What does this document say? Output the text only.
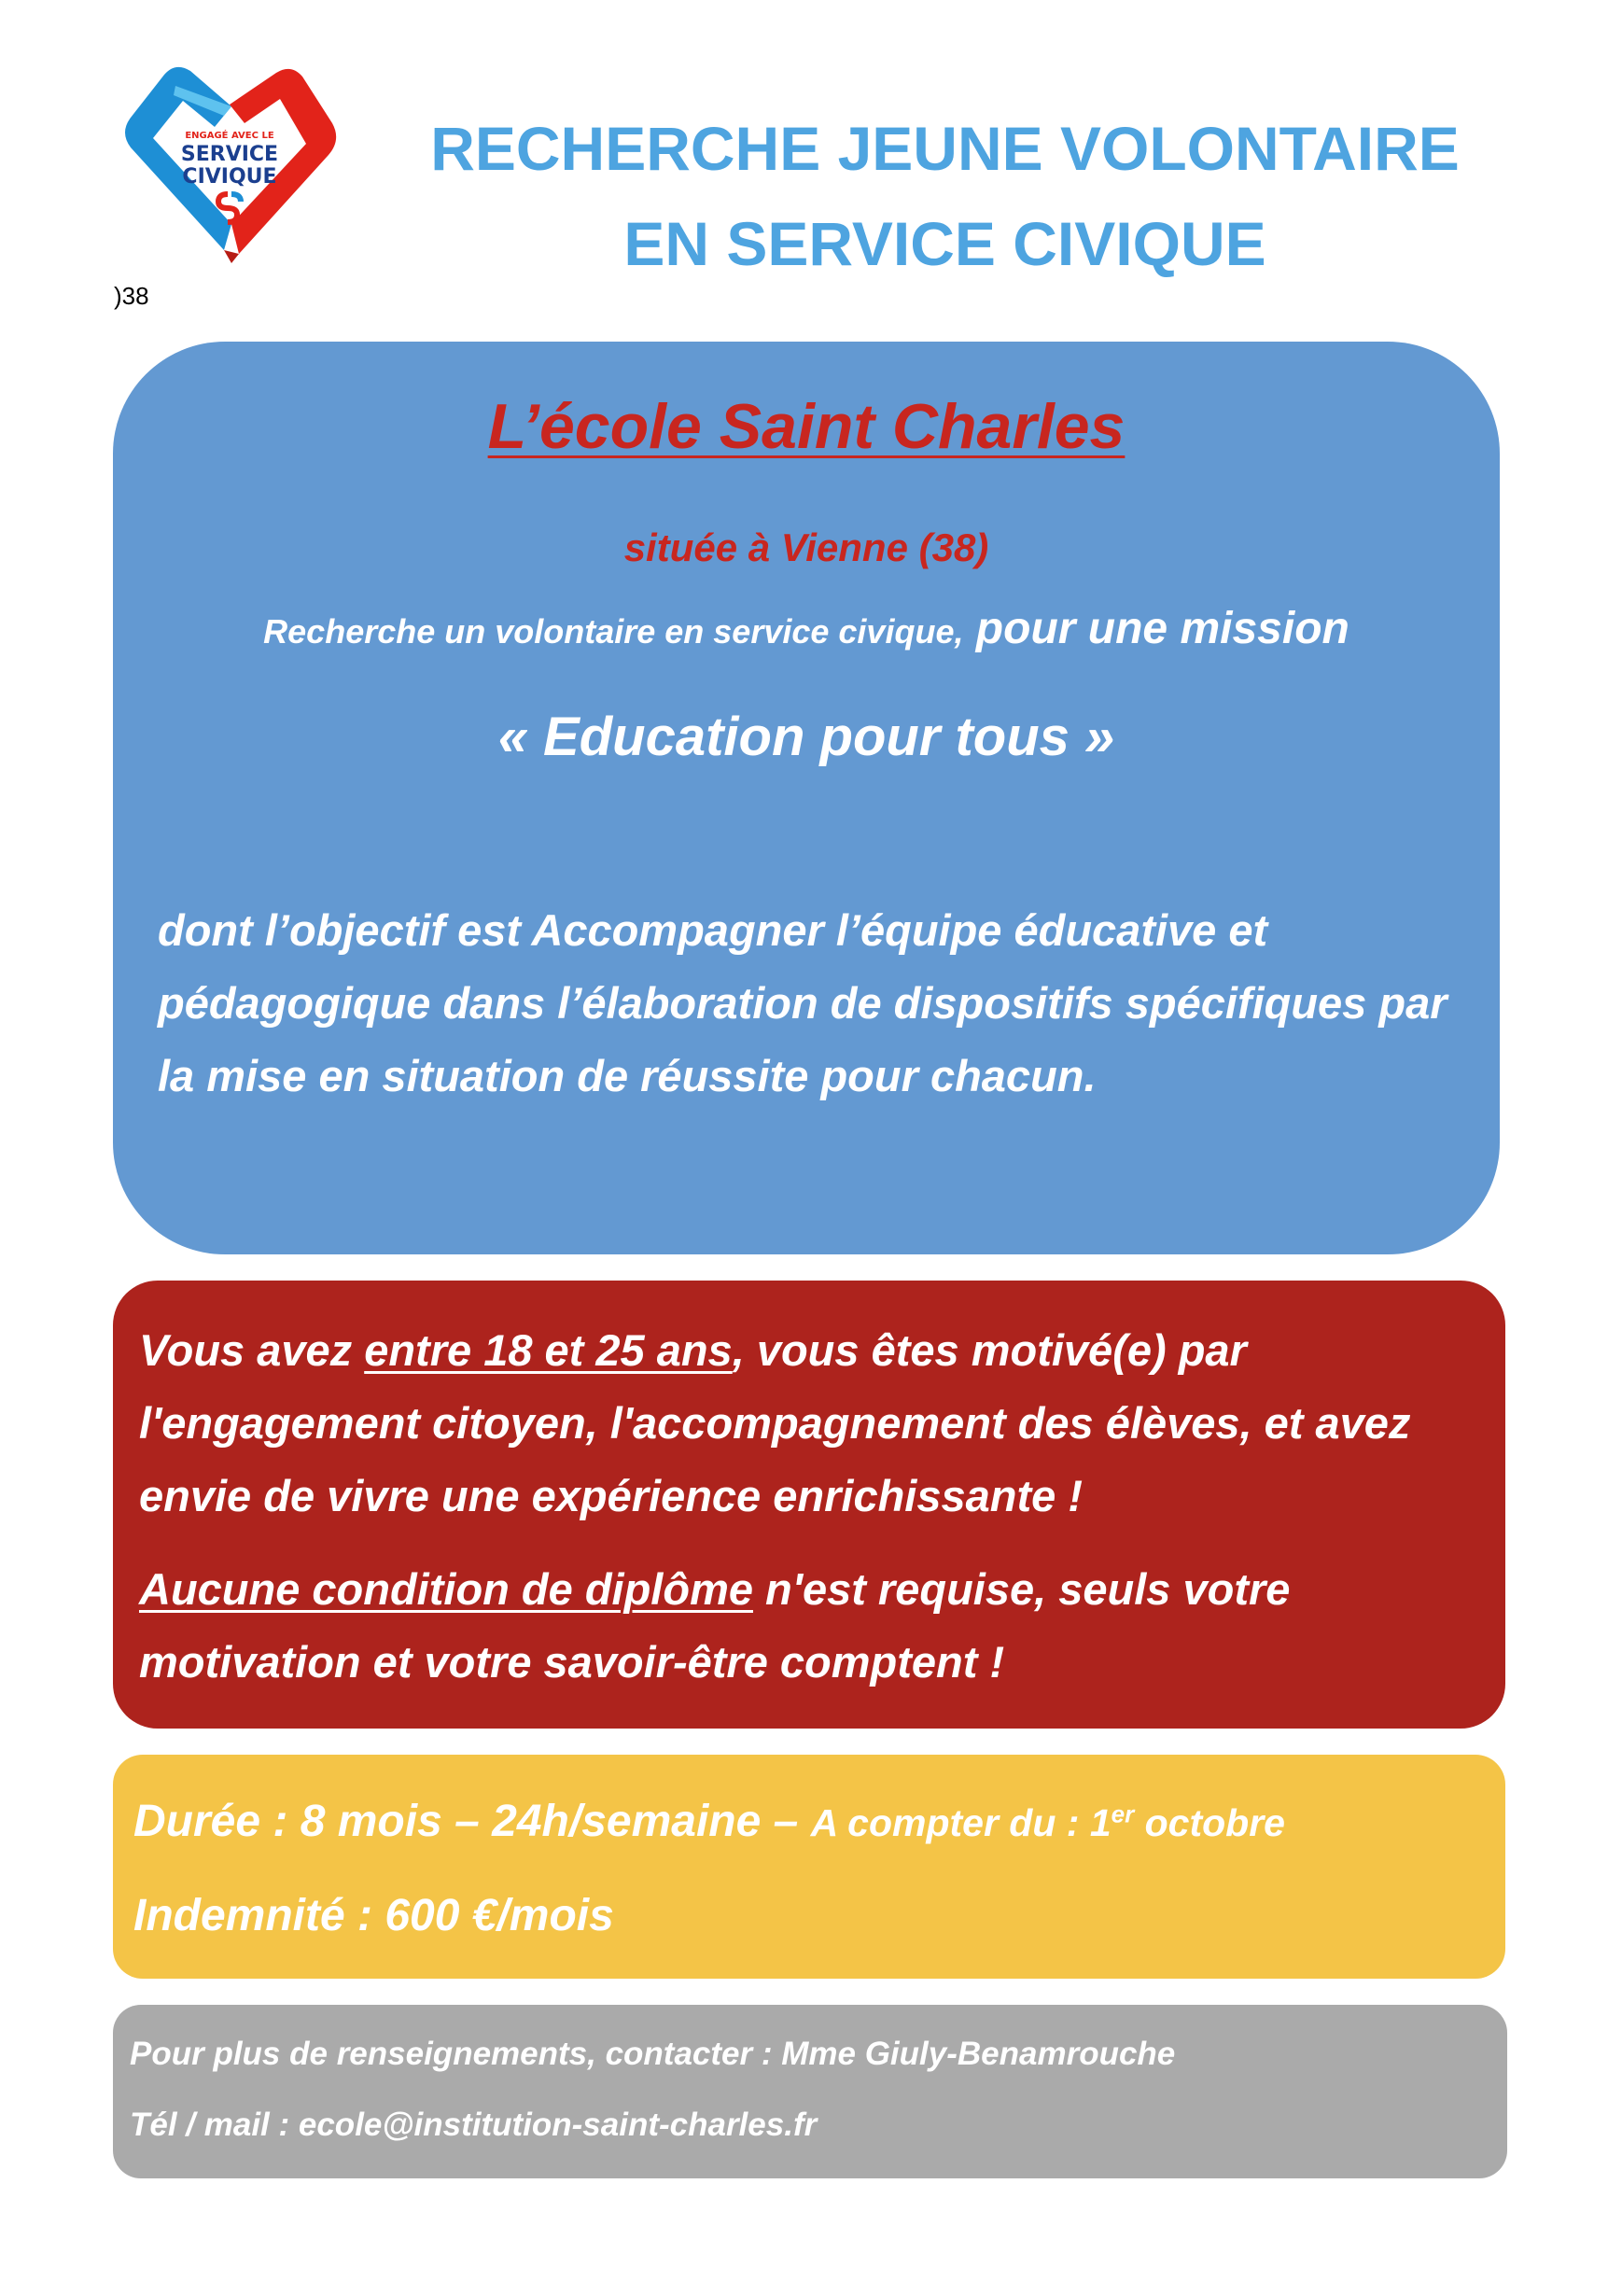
ENGAGÉ AVEC LE
SERVICE
CIVIQUE
)38
RECHERCHE JEUNE VOLONTAIRE
EN SERVICE CIVIQUE
L’école Saint Charles
située à Vienne (38)
Recherche un volontaire en service civique, pour une mission
« Education pour tous »
dont l’objectif est Accompagner l’équipe éducative et pédagogique dans l’élaboration de dispositifs spécifiques par la mise en situation de réussite pour chacun.

Vous avez entre 18 et 25 ans, vous êtes motivé(e) par l'engagement citoyen, l'accompagnement des élèves, et avez envie de vivre une expérience enrichissante !

Aucune condition de diplôme n'est requise, seuls votre motivation et votre savoir-être comptent !

Durée : 8 mois – 24h/semaine – A compter du : 1er octobre
Indemnité : 600 €/mois

Pour plus de renseignements, contacter : Mme Giuly-Benamrouche

Tél / mail : ecole@institution-saint-charles.fr
